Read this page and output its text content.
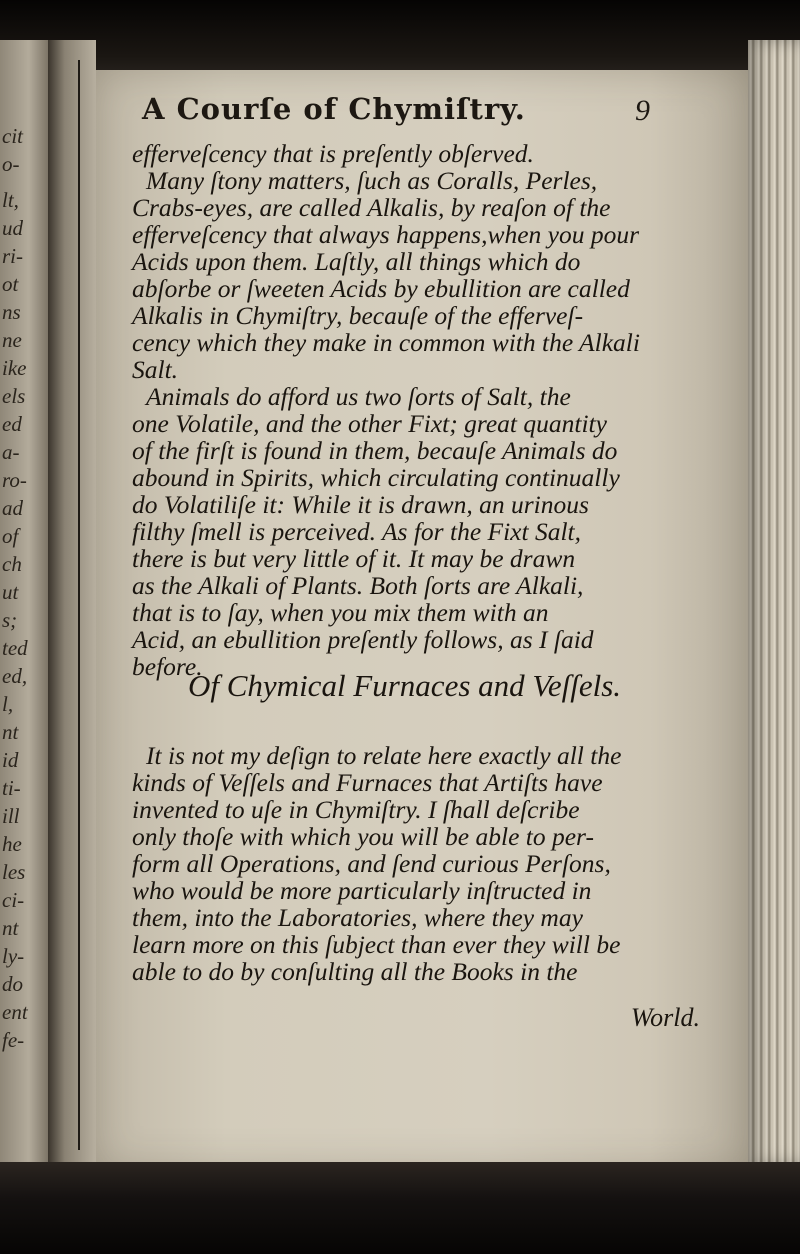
cit
o-
lt,
ud
ri-
ot
ns
ne
ike
els
ed
a-
ro-
ad
of
ch
ut
s;
ted
ed,
l,
nt
id
ti-
ill
he
les
ci-
nt
ly-
do
ent
fe-
A Courſe of Chymiſtry.	9
efferveſcency that is preſently obſerved.
Many ſtony matters, ſuch as Coralls, Perles,
Crabs-eyes, are called Alkalis, by reaſon of the
efferveſcency that always happens,when you pour
Acids upon them. Laſtly, all things which do
abſorbe or ſweeten Acids by ebullition are called
Alkalis in Chymiſtry, becauſe of the efferveſ-
cency which they make in common with the Alkali
Salt.
Animals do afford us two ſorts of Salt, the
one Volatile, and the other Fixt; great quantity
of the firſt is found in them, becauſe Animals do
abound in Spirits, which circulating continually
do Volatiliſe it: While it is drawn, an urinous
filthy ſmell is perceived. As for the Fixt Salt,
there is but very little of it. It may be drawn
as the Alkali of Plants. Both ſorts are Alkali,
that is to ſay, when you mix them with an
Acid, an ebullition preſently follows, as I ſaid
before.
Of Chymical Furnaces and Veſſels.
It is not my deſign to relate here exactly all the
kinds of Veſſels and Furnaces that Artiſts have
invented to uſe in Chymiſtry. I ſhall deſcribe
only thoſe with which you will be able to per-
form all Operations, and ſend curious Perſons,
who would be more particularly inſtructed in
them, into the Laboratories, where they may
learn more on this ſubject than ever they will be
able to do by conſulting all the Books in the
World.
